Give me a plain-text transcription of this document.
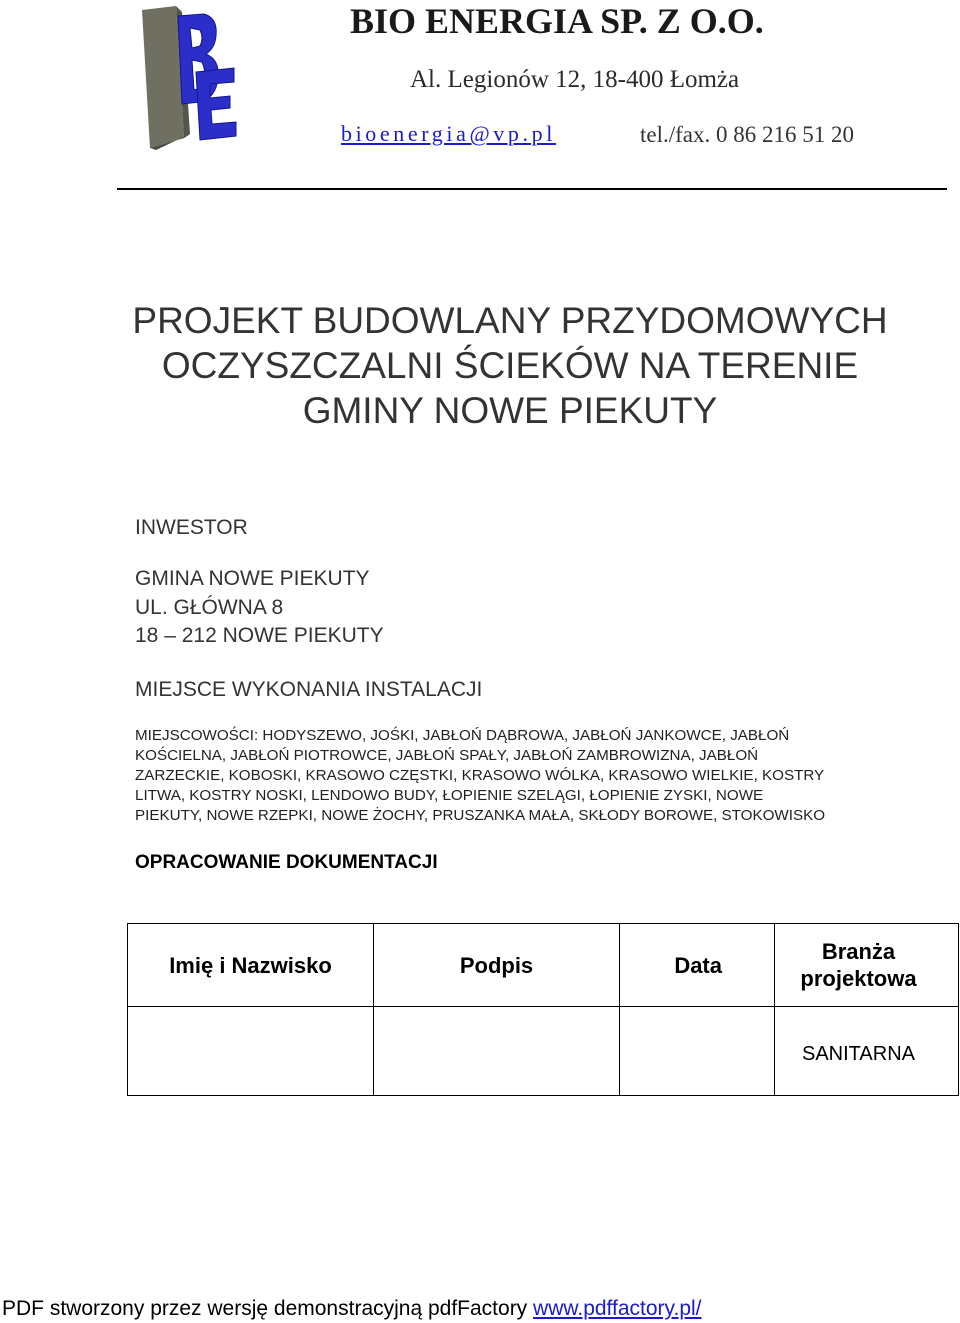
BE
BIO ENERGIA SP. Z O.O.
Al. Legionów 12, 18-400 Łomża
bioenergia@vp.pl	tel./fax. 0 86 216 51 20
PROJEKT BUDOWLANY PRZYDOMOWYCH
OCZYSZCZALNI ŚCIEKÓW NA TERENIE
GMINY NOWE PIEKUTY
INWESTOR
GMINA NOWE PIEKUTY
UL. GŁÓWNA 8
18 – 212 NOWE PIEKUTY
MIEJSCE WYKONANIA INSTALACJI
MIEJSCOWOŚCI: HODYSZEWO, JOŚKI, JABŁOŃ DĄBROWA, JABŁOŃ JANKOWCE, JABŁOŃ
KOŚCIELNA, JABŁOŃ PIOTROWCE, JABŁOŃ SPAŁY, JABŁOŃ ZAMBROWIZNA, JABŁOŃ
ZARZECKIE, KOBOSKI, KRASOWO CZĘSTKI, KRASOWO WÓLKA, KRASOWO WIELKIE, KOSTRY
LITWA, KOSTRY NOSKI, LENDOWO BUDY, ŁOPIENIE SZELĄGI, ŁOPIENIE ZYSKI, NOWE
PIEKUTY, NOWE RZEPKI, NOWE ŻOCHY, PRUSZANKA MAŁA, SKŁODY BOROWE, STOKOWISKO
OPRACOWANIE DOKUMENTACJI
Imię i Nazwisko	Podpis	Data	Branża projektowa
			SANITARNA
PDF stworzony przez wersję demonstracyjną pdfFactory www.pdffactory.pl/
